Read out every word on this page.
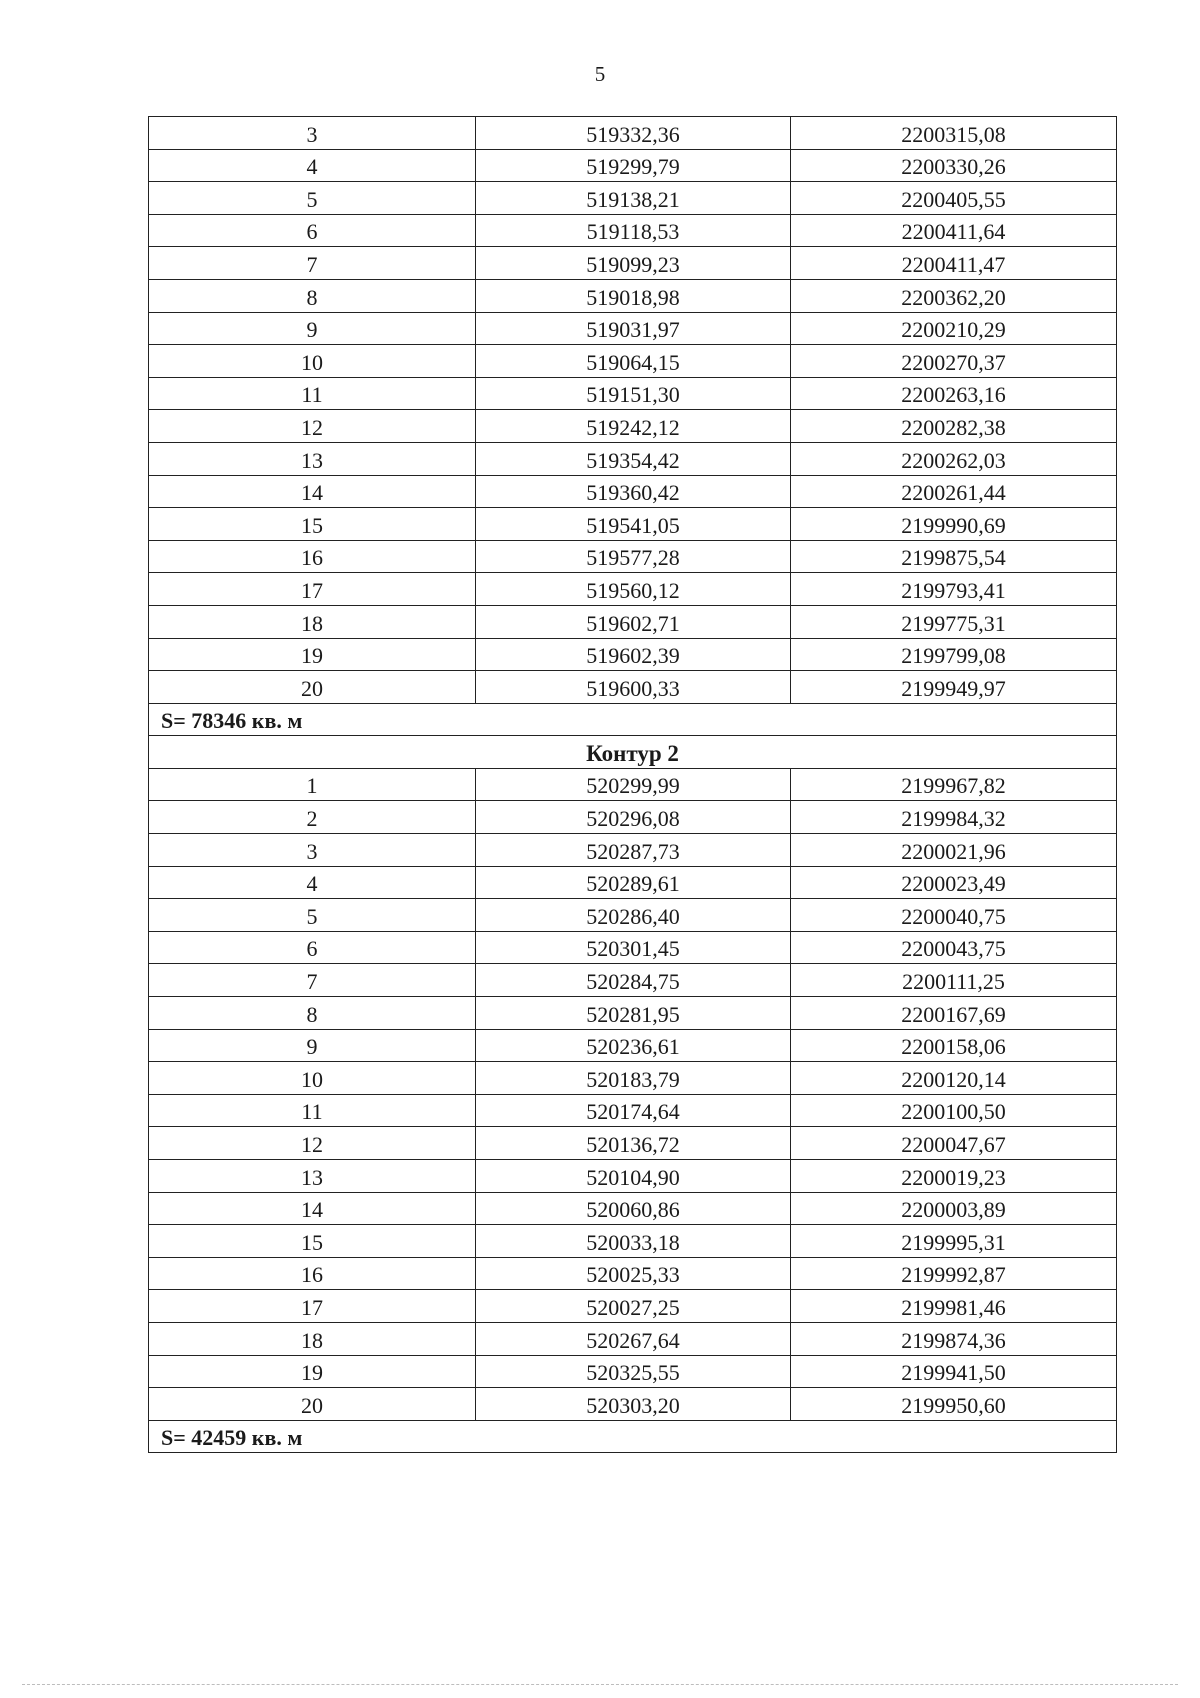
5
3	519332,36	2200315,08
4	519299,79	2200330,26
5	519138,21	2200405,55
6	519118,53	2200411,64
7	519099,23	2200411,47
8	519018,98	2200362,20
9	519031,97	2200210,29
10	519064,15	2200270,37
11	519151,30	2200263,16
12	519242,12	2200282,38
13	519354,42	2200262,03
14	519360,42	2200261,44
15	519541,05	2199990,69
16	519577,28	2199875,54
17	519560,12	2199793,41
18	519602,71	2199775,31
19	519602,39	2199799,08
20	519600,33	2199949,97
S= 78346 кв. м		
Контур 2		
1	520299,99	2199967,82
2	520296,08	2199984,32
3	520287,73	2200021,96
4	520289,61	2200023,49
5	520286,40	2200040,75
6	520301,45	2200043,75
7	520284,75	2200111,25
8	520281,95	2200167,69
9	520236,61	2200158,06
10	520183,79	2200120,14
11	520174,64	2200100,50
12	520136,72	2200047,67
13	520104,90	2200019,23
14	520060,86	2200003,89
15	520033,18	2199995,31
16	520025,33	2199992,87
17	520027,25	2199981,46
18	520267,64	2199874,36
19	520325,55	2199941,50
20	520303,20	2199950,60
S= 42459 кв. м		
